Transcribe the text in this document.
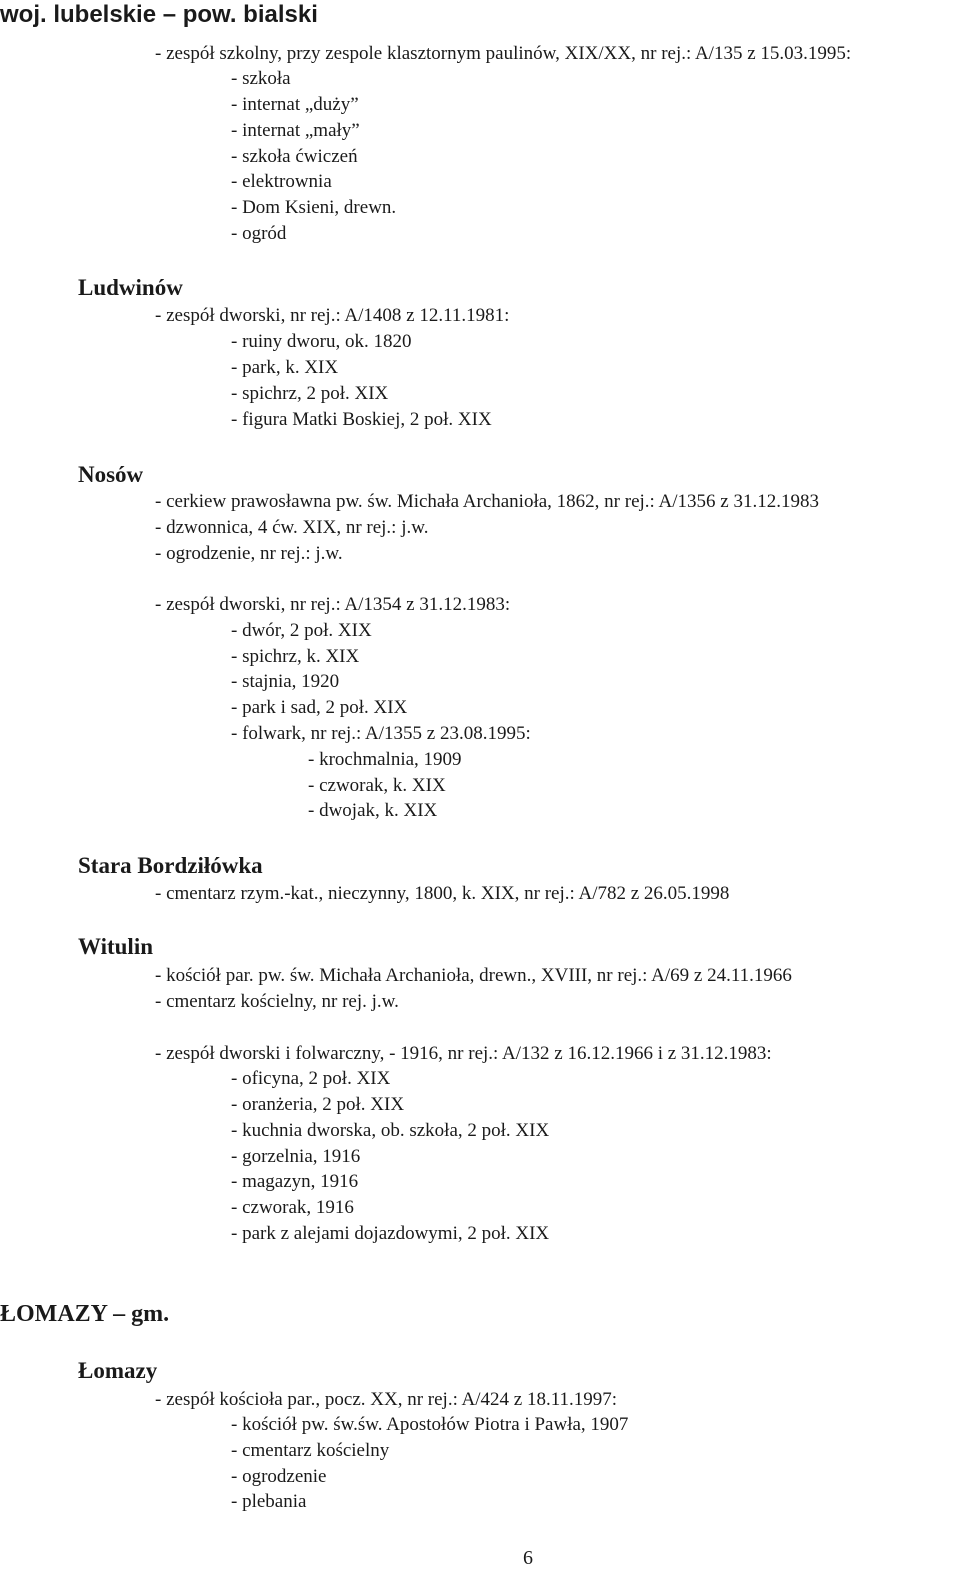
woj. lubelskie – pow. bialski
- zespół szkolny, przy zespole klasztornym paulinów, XIX/XX, nr rej.: A/135 z 15.03.1995:
- szkoła
- internat „duży”
- internat „mały”
- szkoła ćwiczeń
- elektrownia
- Dom Ksieni, drewn.
- ogród
Ludwinów
- zespół dworski, nr rej.: A/1408 z 12.11.1981:
- ruiny dworu, ok. 1820
- park, k. XIX
- spichrz, 2 poł. XIX
- figura Matki Boskiej, 2 poł. XIX
Nosów
- cerkiew prawosławna pw. św. Michała Archanioła, 1862, nr rej.: A/1356 z 31.12.1983
- dzwonnica, 4 ćw. XIX, nr rej.: j.w.
- ogrodzenie, nr rej.: j.w.
- zespół dworski, nr rej.: A/1354 z 31.12.1983:
- dwór, 2 poł. XIX
- spichrz, k. XIX
- stajnia, 1920
- park i sad, 2 poł. XIX
- folwark, nr rej.: A/1355 z 23.08.1995:
- krochmalnia, 1909
- czworak, k. XIX
- dwojak, k. XIX
Stara Bordziłówka
- cmentarz rzym.-kat., nieczynny, 1800, k. XIX, nr rej.: A/782 z 26.05.1998
Witulin
- kościół par. pw. św. Michała Archanioła, drewn., XVIII, nr rej.: A/69 z 24.11.1966
- cmentarz kościelny, nr rej. j.w.
- zespół dworski i folwarczny, - 1916, nr rej.: A/132 z 16.12.1966 i z 31.12.1983:
- oficyna, 2 poł. XIX
- oranżeria, 2 poł. XIX
- kuchnia dworska, ob. szkoła, 2 poł. XIX
- gorzelnia, 1916
- magazyn, 1916
- czworak, 1916
- park z alejami dojazdowymi, 2 poł. XIX
ŁOMAZY – gm.
Łomazy
- zespół kościoła par., pocz. XX, nr rej.: A/424 z 18.11.1997:
- kościół pw. św.św. Apostołów Piotra i Pawła, 1907
- cmentarz kościelny
- ogrodzenie
- plebania
6
